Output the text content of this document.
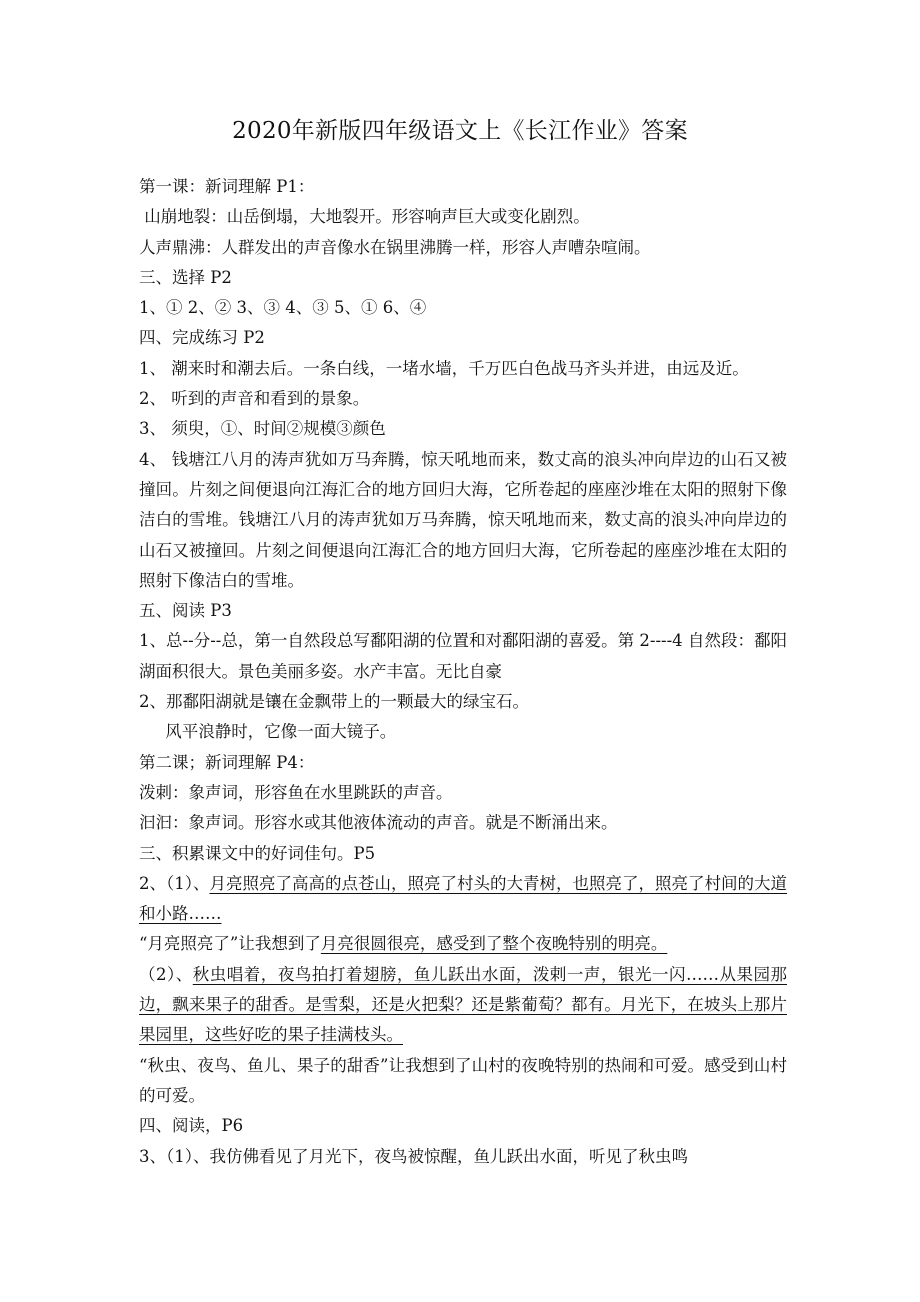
2020年新版四年级语文上《长江作业》答案
第一课：新词理解 P1：
山崩地裂：山岳倒塌，大地裂开。形容响声巨大或变化剧烈。
人声鼎沸：人群发出的声音像水在锅里沸腾一样，形容人声嘈杂喧闹。
三、选择 P2
1、① 2、② 3、③ 4、③ 5、① 6、④
四、完成练习 P2
1、 潮来时和潮去后。一条白线，一堵水墙，千万匹白色战马齐头并进，由远及近。
2、 听到的声音和看到的景象。
3、 须臾，①、时间②规模③颜色
4、 钱塘江八月的涛声犹如万马奔腾，惊天吼地而来，数丈高的浪头冲向岸边的山石又被撞回。片刻之间便退向江海汇合的地方回归大海，它所卷起的座座沙堆在太阳的照射下像洁白的雪堆。钱塘江八月的涛声犹如万马奔腾，惊天吼地而来，数丈高的浪头冲向岸边的山石又被撞回。片刻之间便退向江海汇合的地方回归大海，它所卷起的座座沙堆在太阳的照射下像洁白的雪堆。
五、阅读 P3
1、总--分--总，第一自然段总写鄱阳湖的位置和对鄱阳湖的喜爱。第 2----4 自然段：鄱阳湖面积很大。景色美丽多姿。水产丰富。无比自豪
2、那鄱阳湖就是镶在金飘带上的一颗最大的绿宝石。
风平浪静时，它像一面大镜子。
第二课；新词理解 P4：
泼刺：象声词，形容鱼在水里跳跃的声音。
汩汩：象声词。形容水或其他液体流动的声音。就是不断涌出来。
三、积累课文中的好词佳句。P5
2、（1）、月亮照亮了高高的点苍山，照亮了村头的大青树，也照亮了，照亮了村间的大道和小路……
“月亮照亮了”让我想到了月亮很圆很亮，感受到了整个夜晚特别的明亮。
（2）、秋虫唱着，夜鸟拍打着翅膀，鱼儿跃出水面，泼剌一声，银光一闪……从果园那边，飘来果子的甜香。是雪梨，还是火把梨？还是紫葡萄？都有。月光下，在坡头上那片果园里，这些好吃的果子挂满枝头。
“秋虫、夜鸟、鱼儿、果子的甜香”让我想到了山村的夜晚特别的热闹和可爱。感受到山村的可爱。
四、阅读，P6
3、（1）、我仿佛看见了月光下，夜鸟被惊醒，鱼儿跃出水面，听见了秋虫鸣
